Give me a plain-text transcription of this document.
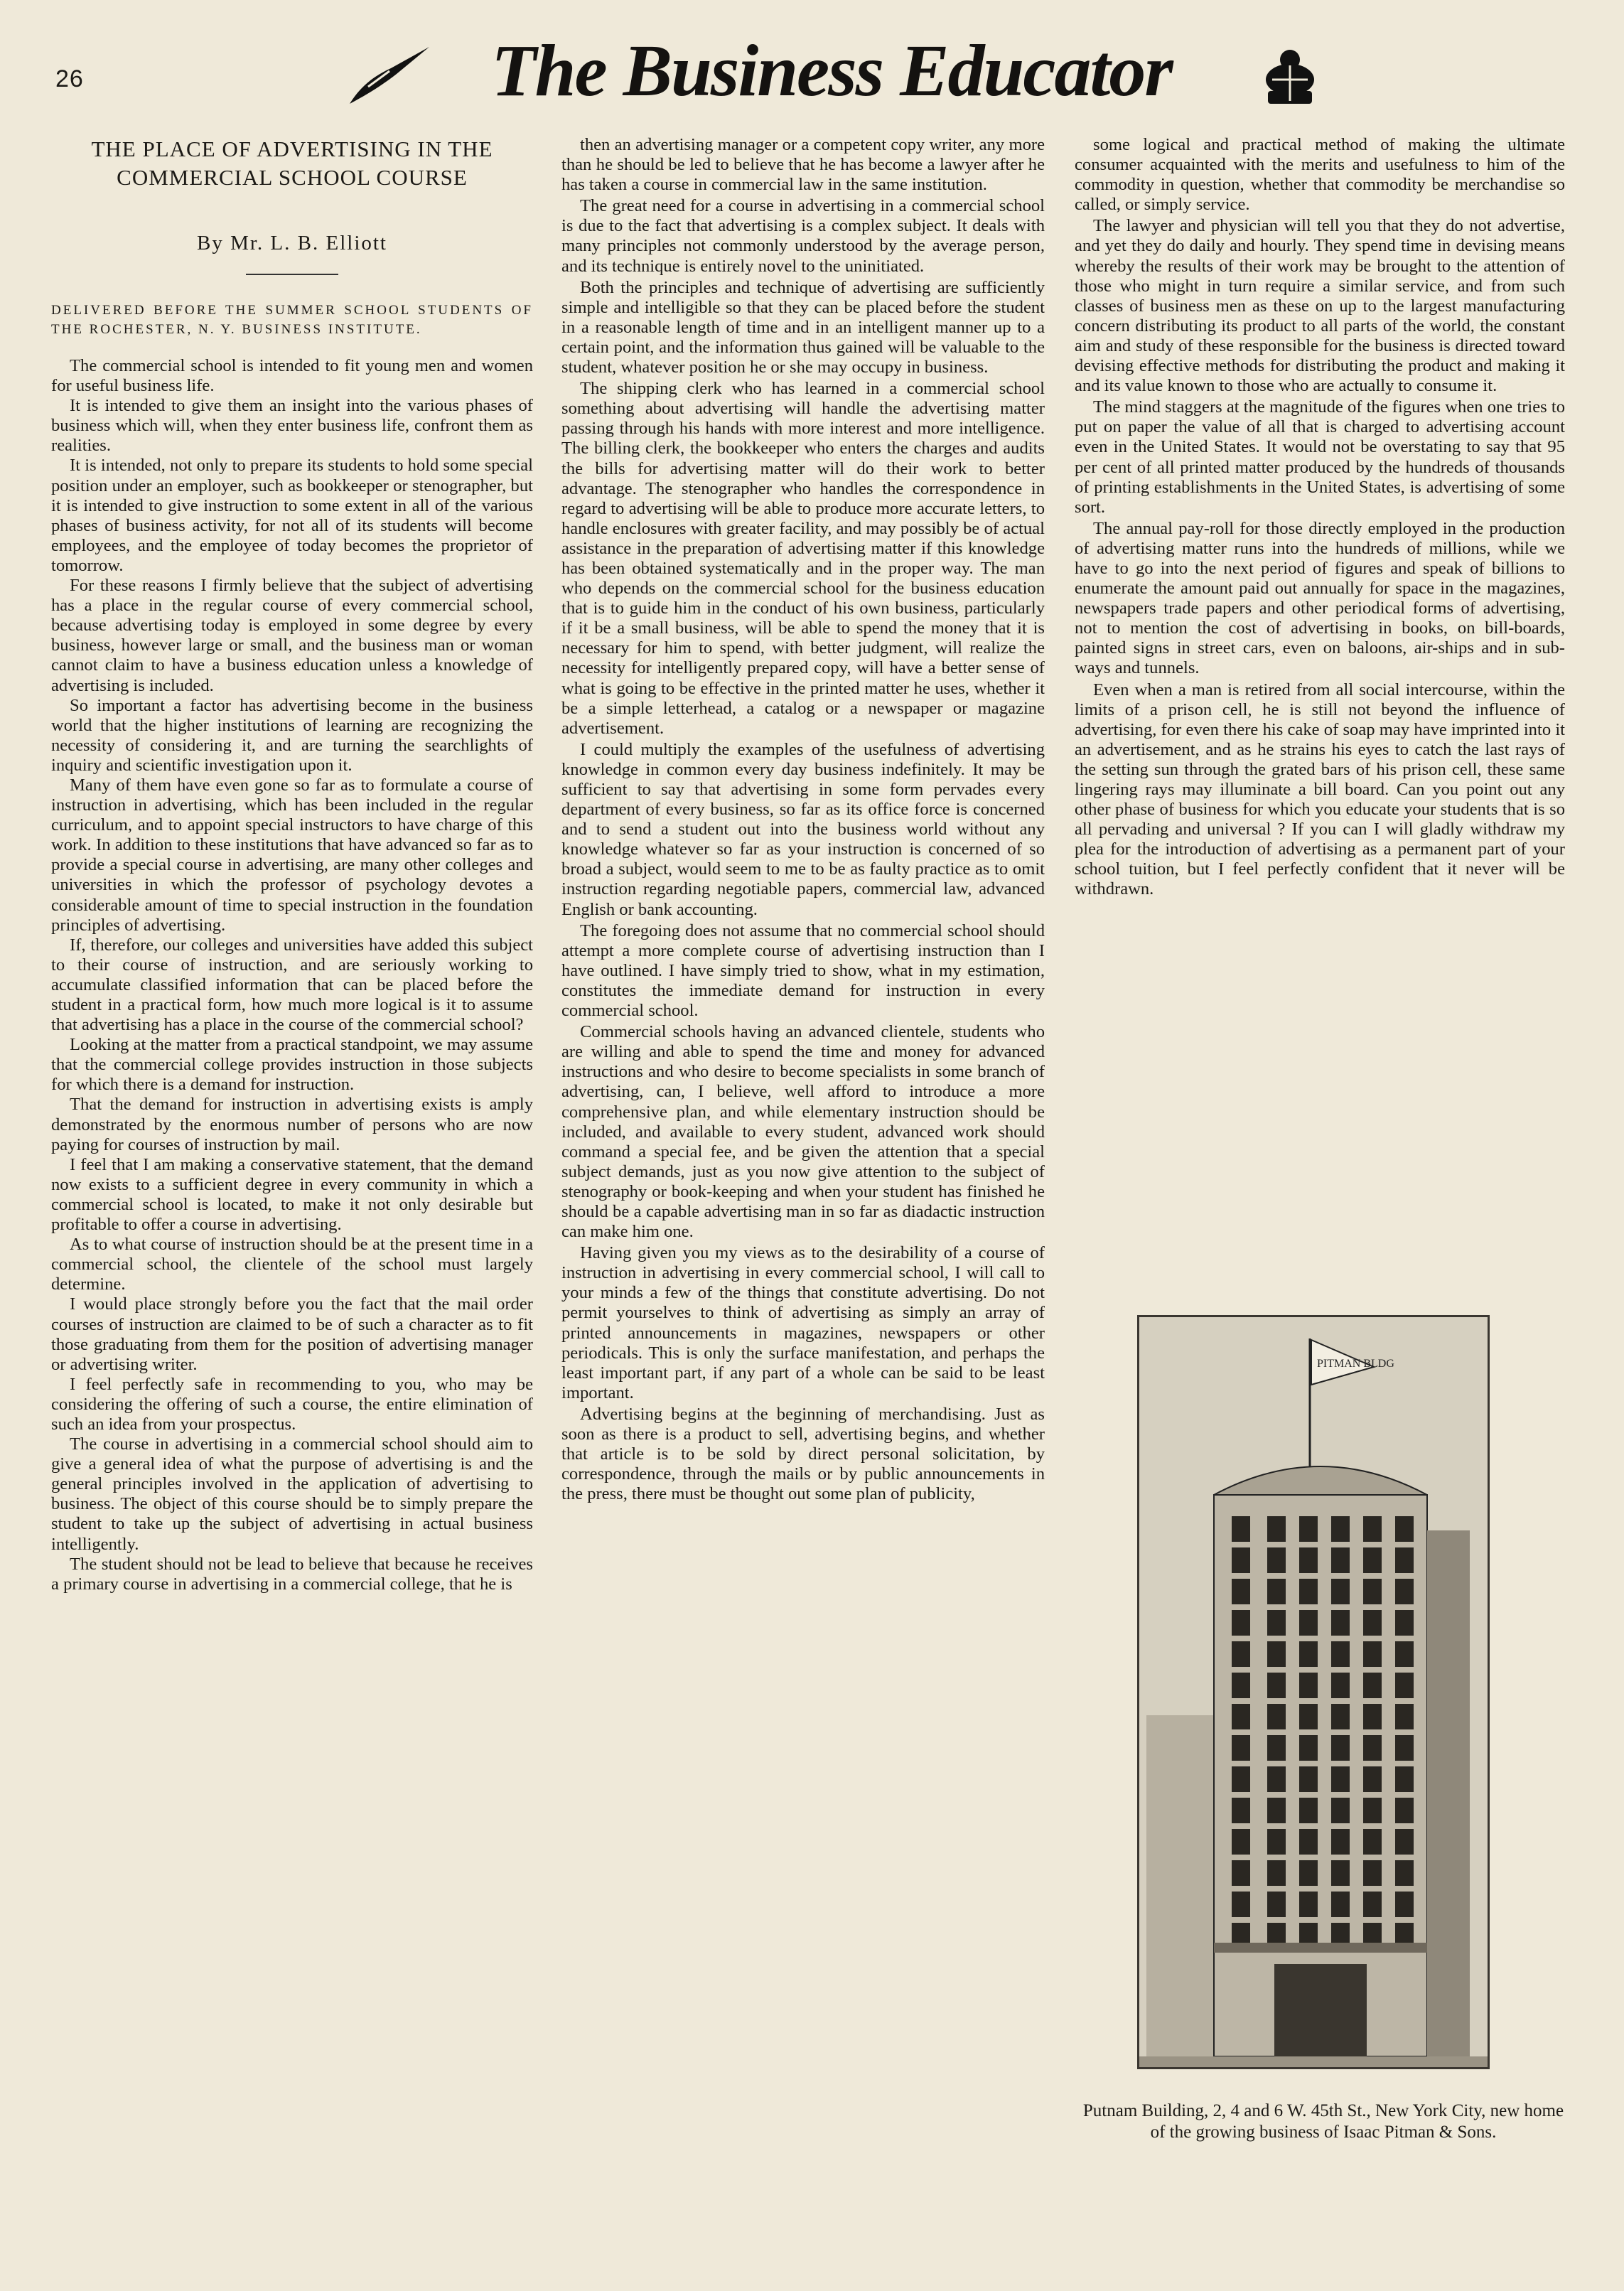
26	The Business Educator
THE PLACE OF ADVERTISING IN THE COMMERCIAL SCHOOL COURSE
By Mr. L. B. Elliott

DELIVERED BEFORE THE SUMMER SCHOOL STUDENTS OF THE ROCHESTER, N. Y. BUSINESS INSTITUTE.

The commercial school is intended to fit young men and women for useful business life.

It is intended to give them an insight into the various phases of business which will, when they enter business life, confront them as realities.

It is intended, not only to prepare its students to hold some special position under an employer, such as bookkeeper or stenographer, but it is intended to give instruction to some extent in all of the various phases of business activity, for not all of its students will become employees, and the employee of today becomes the proprietor of tomorrow.

For these reasons I firmly believe that the subject of advertising has a place in the regular course of every commercial school, because advertising today is employed in some degree by every business, however large or small, and the business man or woman cannot claim to have a business education unless a knowledge of advertising is included.

So important a factor has advertising become in the business world that the higher institutions of learning are recognizing the necessity of considering it, and are turning the searchlights of inquiry and scientific investigation upon it.

Many of them have even gone so far as to formulate a course of instruction in advertising, which has been included in the regular curriculum, and to appoint special instructors to have charge of this work. In addition to these institutions that have advanced so far as to provide a special course in advertising, are many other colleges and universities in which the professor of psychology devotes a considerable amount of time to special instruction in the foundation principles of advertising.

If, therefore, our colleges and universities have added this subject to their course of instruction, and are seriously working to accumulate classified information that can be placed before the student in a practical form, how much more logical is it to assume that advertising has a place in the course of the commercial school?

Looking at the matter from a practical standpoint, we may assume that the commercial college provides instruction in those subjects for which there is a demand for instruction.

That the demand for instruction in advertising exists is amply demonstrated by the enormous number of persons who are now paying for courses of instruction by mail.

I feel that I am making a conservative statement, that the demand now exists to a sufficient degree in every community in which a commercial school is located, to make it not only desirable but profitable to offer a course in advertising.

As to what course of instruction should be at the present time in a commercial school, the clientele of the school must largely determine.

I would place strongly before you the fact that the mail order courses of instruction are claimed to be of such a character as to fit those graduating from them for the position of advertising manager or advertising writer.

I feel perfectly safe in recommending to you, who may be considering the offering of such a course, the entire elimination of such an idea from your prospectus.

The course in advertising in a commercial school should aim to give a general idea of what the purpose of advertising is and the general principles involved in the application of advertising to business. The object of this course should be to simply prepare the student to take up the subject of advertising in actual business intelligently.

The student should not be lead to believe that because he receives a primary course in advertising in a commercial college, that he is

then an advertising manager or a competent copy writer, any more than he should be led to believe that he has become a lawyer after he has taken a course in commercial law in the same institution.

The great need for a course in advertising in a commercial school is due to the fact that advertising is a complex subject. It deals with many principles not commonly understood by the average person, and its technique is entirely novel to the uninitiated.

Both the principles and technique of advertising are sufficiently simple and intelligible so that they can be placed before the student in a reasonable length of time and in an intelligent manner up to a certain point, and the information thus gained will be valuable to the student, whatever position he or she may occupy in business.

The shipping clerk who has learned in a commercial school something about advertising will handle the advertising matter passing through his hands with more interest and more intelligence. The billing clerk, the bookkeeper who enters the charges and audits the bills for advertising matter will do their work to better advantage. The stenographer who handles the correspondence in regard to advertising will be able to produce more accurate letters, to handle enclosures with greater facility, and may possibly be of actual assistance in the preparation of advertising matter if this knowledge has been obtained systematically and in the proper way. The man who depends on the commercial school for the business education that is to guide him in the conduct of his own business, particularly if it be a small business, will be able to spend the money that it is necessary for him to spend, with better judgment, will realize the necessity for intelligently prepared copy, will have a better sense of what is going to be effective in the printed matter he uses, whether it be a simple letterhead, a catalog or a newspaper or magazine advertisement.

I could multiply the examples of the usefulness of advertising knowledge in common every day business indefinitely. It may be sufficient to say that advertising in some form pervades every department of every business, so far as its office force is concerned and to send a student out into the business world without any knowledge whatever so far as your instruction is concerned of so broad a subject, would seem to me to be as faulty practice as to omit instruction regarding negotiable papers, commercial law, advanced English or bank accounting.

The foregoing does not assume that no commercial school should attempt a more complete course of advertising instruction than I have outlined. I have simply tried to show, what in my estimation, constitutes the immediate demand for instruction in every commercial school.

Commercial schools having an advanced clientele, students who are willing and able to spend the time and money for advanced instructions and who desire to become specialists in some branch of advertising, can, I believe, well afford to introduce a more comprehensive plan, and while elementary instruction should be included, and available to every student, advanced work should command a special fee, and be given the attention that a special subject demands, just as you now give attention to the subject of stenography or book-keeping and when your student has finished he should be a capable advertising man in so far as diadactic instruction can make him one.

Having given you my views as to the desirability of a course of instruction in advertising in every commercial school, I will call to your minds a few of the things that constitute advertising. Do not permit yourselves to think of advertising as simply an array of printed announcements in magazines, newspapers or other periodicals. This is only the surface manifestation, and perhaps the least important part, if any part of a whole can be said to be least important.

Advertising begins at the beginning of merchandising. Just as soon as there is a product to sell, advertising begins, and whether that article is to be sold by direct personal solicitation, by correspondence, through the mails or by public announcements in the press, there must be thought out some plan of publicity,

some logical and practical method of making the ultimate consumer acquainted with the merits and usefulness to him of the commodity in question, whether that commodity be merchandise so called, or simply service.

The lawyer and physician will tell you that they do not advertise, and yet they do daily and hourly. They spend time in devising means whereby the results of their work may be brought to the attention of those who might in turn require a similar service, and from such classes of business men as these on up to the largest manufacturing concern distributing its product to all parts of the world, the constant aim and study of these responsible for the business is directed toward devising effective methods for distributing the product and making it and its value known to those who are actually to consume it.

The mind staggers at the magnitude of the figures when one tries to put on paper the value of all that is charged to advertising account even in the United States. It would not be overstating to say that 95 per cent of all printed matter produced by the hundreds of thousands of printing establishments in the United States, is advertising of some sort.

The annual pay-roll for those directly employed in the production of advertising matter runs into the hundreds of millions, while we have to go into the next period of figures and speak of billions to enumerate the amount paid out annually for space in the magazines, newspapers trade papers and other periodical forms of advertising, not to mention the cost of advertising in books, on bill-boards, painted signs in street cars, even on baloons, air-ships and in sub-ways and tunnels.

Even when a man is retired from all social intercourse, within the limits of a prison cell, he is still not beyond the influence of advertising, for even there his cake of soap may have imprinted into it an advertisement, and as he strains his eyes to catch the last rays of the setting sun through the grated bars of his prison cell, these same lingering rays may illuminate a bill board. Can you point out any other phase of business for which you educate your students that is so all pervading and universal ? If you can I will gladly withdraw my plea for the introduction of advertising as a permanent part of your school tuition, but I feel perfectly confident that it never will be withdrawn.

PITMAN BLDG
Putnam Building, 2, 4 and 6 W. 45th St., New York City, new home of the growing business of Isaac Pitman & Sons.
